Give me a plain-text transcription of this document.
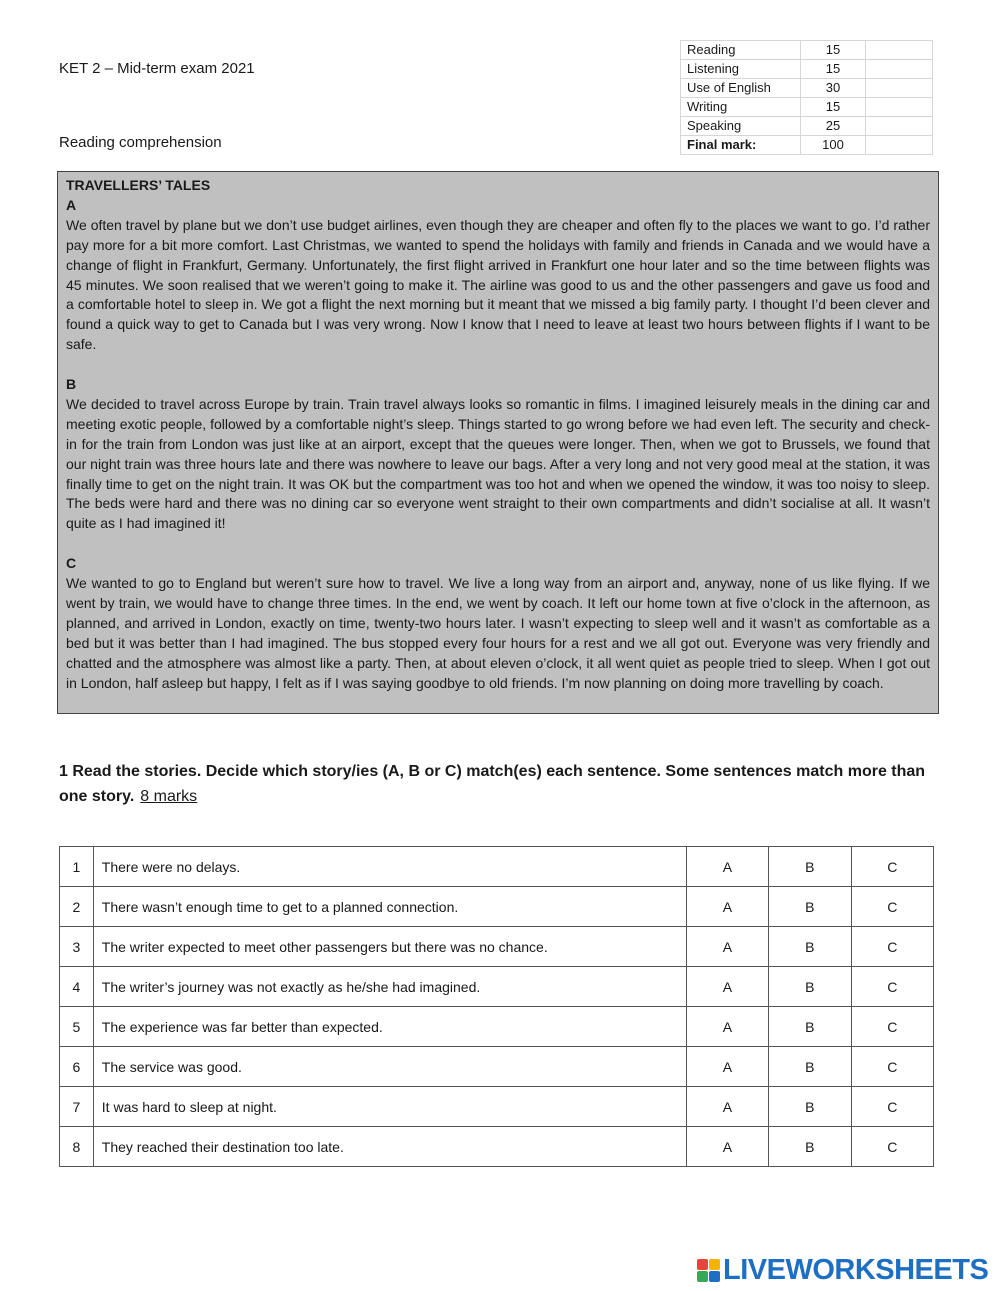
KET 2 – Mid-term exam 2021
Reading comprehension
Reading	15	
Listening	15	
Use of English	30	
Writing	15	
Speaking	25	
Final mark:	100	
TRAVELLERS’ TALES
A

We often travel by plane but we don’t use budget airlines, even though they are cheaper and often fly to the places we want to go. I’d rather pay more for a bit more comfort. Last Christmas, we wanted to spend the holidays with family and friends in Canada and we would have a change of flight in Frankfurt, Germany. Unfortunately, the first flight arrived in Frankfurt one hour later and so the time between flights was 45 minutes. We soon realised that we weren’t going to make it. The airline was good to us and the other passengers and gave us food and a comfortable hotel to sleep in. We got a flight the next morning but it meant that we missed a big family party. I thought I’d been clever and found a quick way to get to Canada but I was very wrong. Now I know that I need to leave at least two hours between flights if I want to be safe.

B

We decided to travel across Europe by train. Train travel always looks so romantic in films. I imagined leisurely meals in the dining car and meeting exotic people, followed by a comfortable night’s sleep. Things started to go wrong before we had even left. The security and check-in for the train from London was just like at an airport, except that the queues were longer. Then, when we got to Brussels, we found that our night train was three hours late and there was nowhere to leave our bags. After a very long and not very good meal at the station, it was finally time to get on the night train. It was OK but the compartment was too hot and when we opened the window, it was too noisy to sleep. The beds were hard and there was no dining car so everyone went straight to their own compartments and didn’t socialise at all. It wasn’t quite as I had imagined it!

C

We wanted to go to England but weren’t sure how to travel. We live a long way from an airport and, anyway, none of us like flying. If we went by train, we would have to change three times. In the end, we went by coach. It left our home town at five o’clock in the afternoon, as planned, and arrived in London, exactly on time, twenty-two hours later. I wasn’t expecting to sleep well and it wasn’t as comfortable as a bed but it was better than I had imagined. The bus stopped every four hours for a rest and we all got out. Everyone was very friendly and chatted and the atmosphere was almost like a party. Then, at about eleven o’clock, it all went quiet as people tried to sleep. When I got out in London, half asleep but happy, I felt as if I was saying goodbye to old friends. I’m now planning on doing more travelling by coach.

1 Read the stories. Decide which story/ies (A, B or C) match(es) each sentence. Some sentences match more than one story. 8 marks
1	There were no delays.	A	B	C
2	There wasn’t enough time to get to a planned connection.	A	B	C
3	The writer expected to meet other passengers but there was no chance.	A	B	C
4	The writer’s journey was not exactly as he/she had imagined.	A	B	C
5	The experience was far better than expected.	A	B	C
6	The service was good.	A	B	C
7	It was hard to sleep at night.	A	B	C
8	They reached their destination too late.	A	B	C
LIVEWORKSHEETS
